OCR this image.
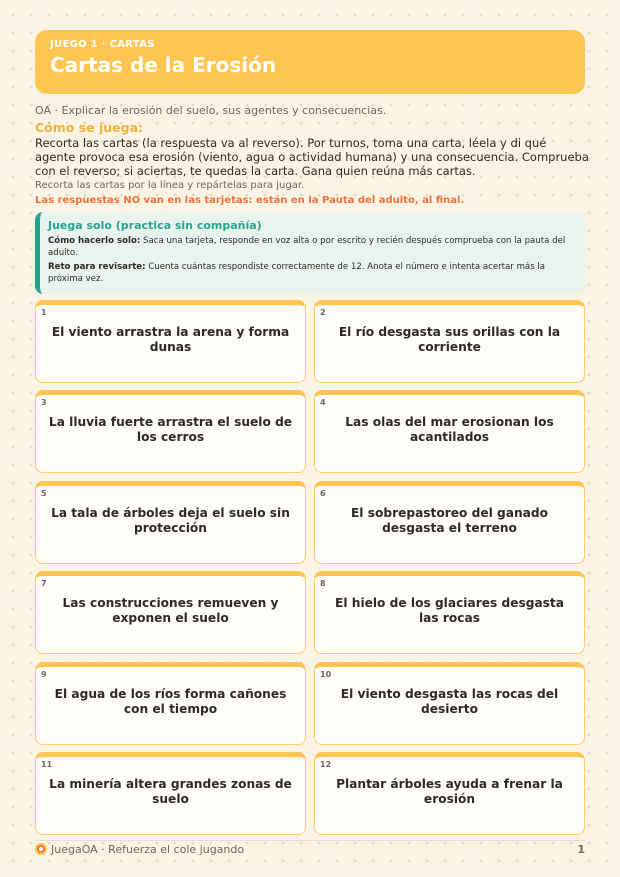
JUEGO 1 · CARTAS
Cartas de la Erosión
OA · Explicar la erosión del suelo, sus agentes y consecuencias.
Cómo se juega:
Recorta las cartas (la respuesta va al reverso). Por turnos, toma una carta, léela y di qué agente provoca esa erosión (viento, agua o actividad humana) y una consecuencia. Comprueba con el reverso; si aciertas, te quedas la carta. Gana quien reúna más cartas.
Recorta las cartas por la línea y repártelas para jugar.
Las respuestas NO van en las tarjetas: están en la Pauta del adulto, al final.
Juega solo (practica sin compañía)

Cómo hacerlo solo: Saca una tarjeta, responde en voz alta o por escrito y recién después comprueba con la pauta del adulto.

Reto para revisarte: Cuenta cuántas respondiste correctamente de 12. Anota el número e intenta acertar más la próxima vez.

1
El viento arrastra la arena y forma dunas
2
El río desgasta sus orillas con la corriente
3
La lluvia fuerte arrastra el suelo de los cerros
4
Las olas del mar erosionan los acantilados
5
La tala de árboles deja el suelo sin protección
6
El sobrepastoreo del ganado desgasta el terreno
7
Las construcciones remueven y exponen el suelo
8
El hielo de los glaciares desgasta las rocas
9
El agua de los ríos forma cañones con el tiempo
10
El viento desgasta las rocas del desierto
11
La minería altera grandes zonas de suelo
12
Plantar árboles ayuda a frenar la erosión
JuegaOA · Refuerza el cole jugando	1
